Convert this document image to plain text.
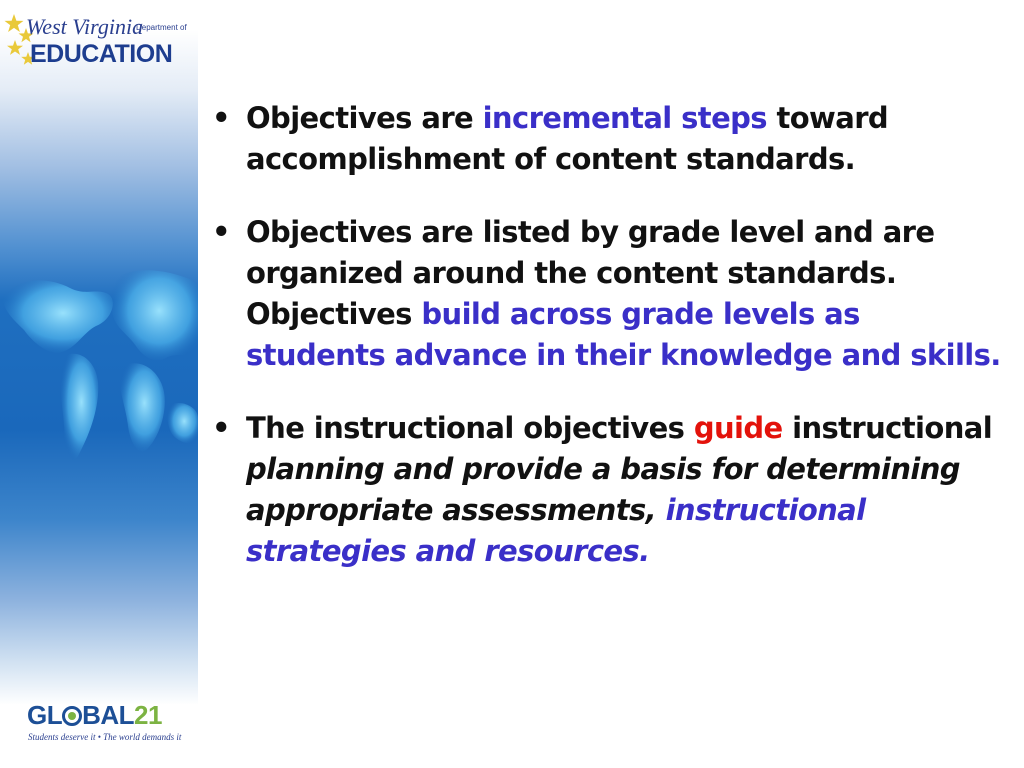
West Virginia
Department of
EDUCATION
GL BAL21
Students deserve it • The world demands it
• Objectives are incremental steps toward accomplishment of content standards.
• Objectives are listed by grade level and are organized around the content standards. Objectives build across grade levels as students advance in their knowledge and skills.
• The instructional objectives guide instructional planning and provide a basis for determining appropriate assessments, instructional strategies and resources.
